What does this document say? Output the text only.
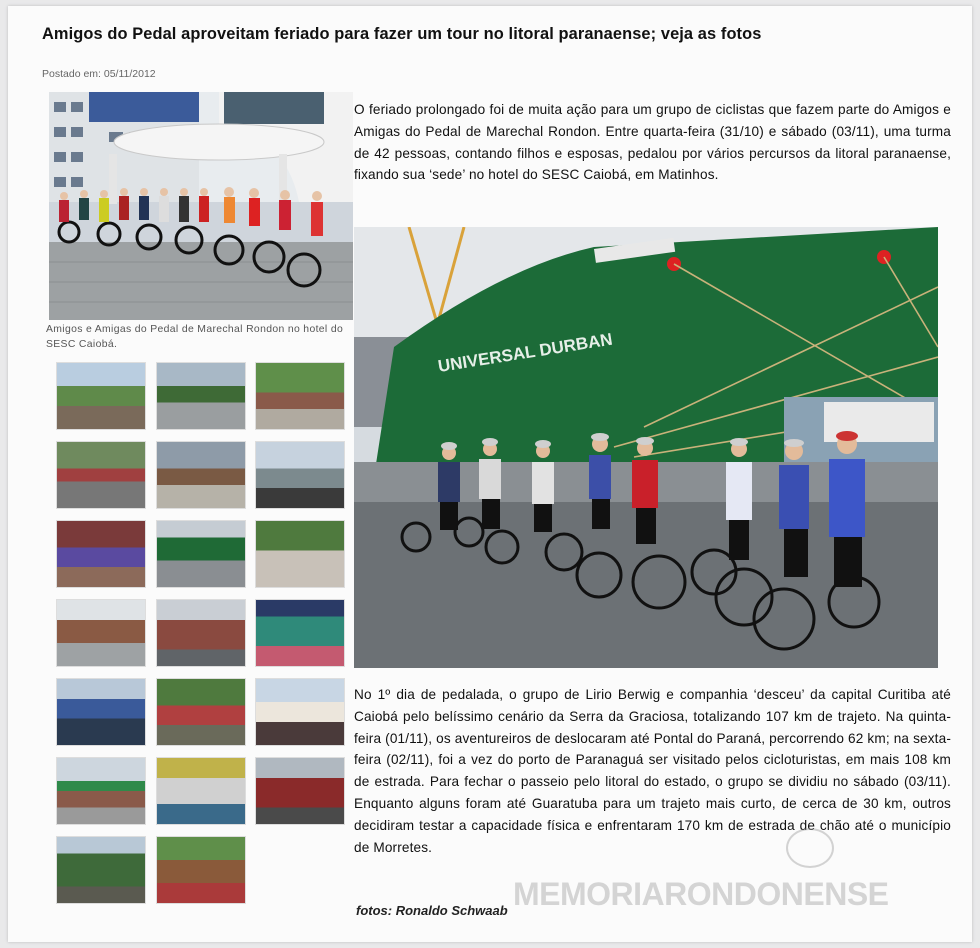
Amigos do Pedal aproveitam feriado para fazer um tour no litoral paranaense; veja as fotos
Postado em: 05/11/2012
Amigos e Amigas do Pedal de Marechal Rondon no hotel do SESC Caiobá.
O feriado prolongado foi de muita ação para um grupo de ciclistas que fazem parte do Amigos e Amigas do Pedal de Marechal Rondon. Entre quarta-feira (31/10) e sábado (03/11), uma turma de 42 pessoas, contando filhos e esposas, pedalou por vários percursos da litoral paranaense, fixando sua ‘sede’ no hotel do SESC Caiobá, em Matinhos.
UNIVERSAL DURBAN
No 1º dia de pedalada, o grupo de Lirio Berwig e companhia ‘desceu’ da capital Curitiba até Caiobá pelo belíssimo cenário da Serra da Graciosa, totalizando 107 km de trajeto. Na quinta-feira (01/11), os aventureiros de deslocaram até Pontal do Paraná, percorrendo 62 km; na sexta-feira (02/11), foi a vez do porto de Paranaguá ser visitado pelos cicloturistas, em mais 108 km de estrada. Para fechar o passeio pelo litoral do estado, o grupo se dividiu no sábado (03/11). Enquanto alguns foram até Guaratuba para um trajeto mais curto, de cerca de 30 km, outros decidiram testar a capacidade física e enfrentaram 170 km de estrada de chão até o município de Morretes.
fotos: Ronaldo Schwaab MEMORIARONDONENSE
